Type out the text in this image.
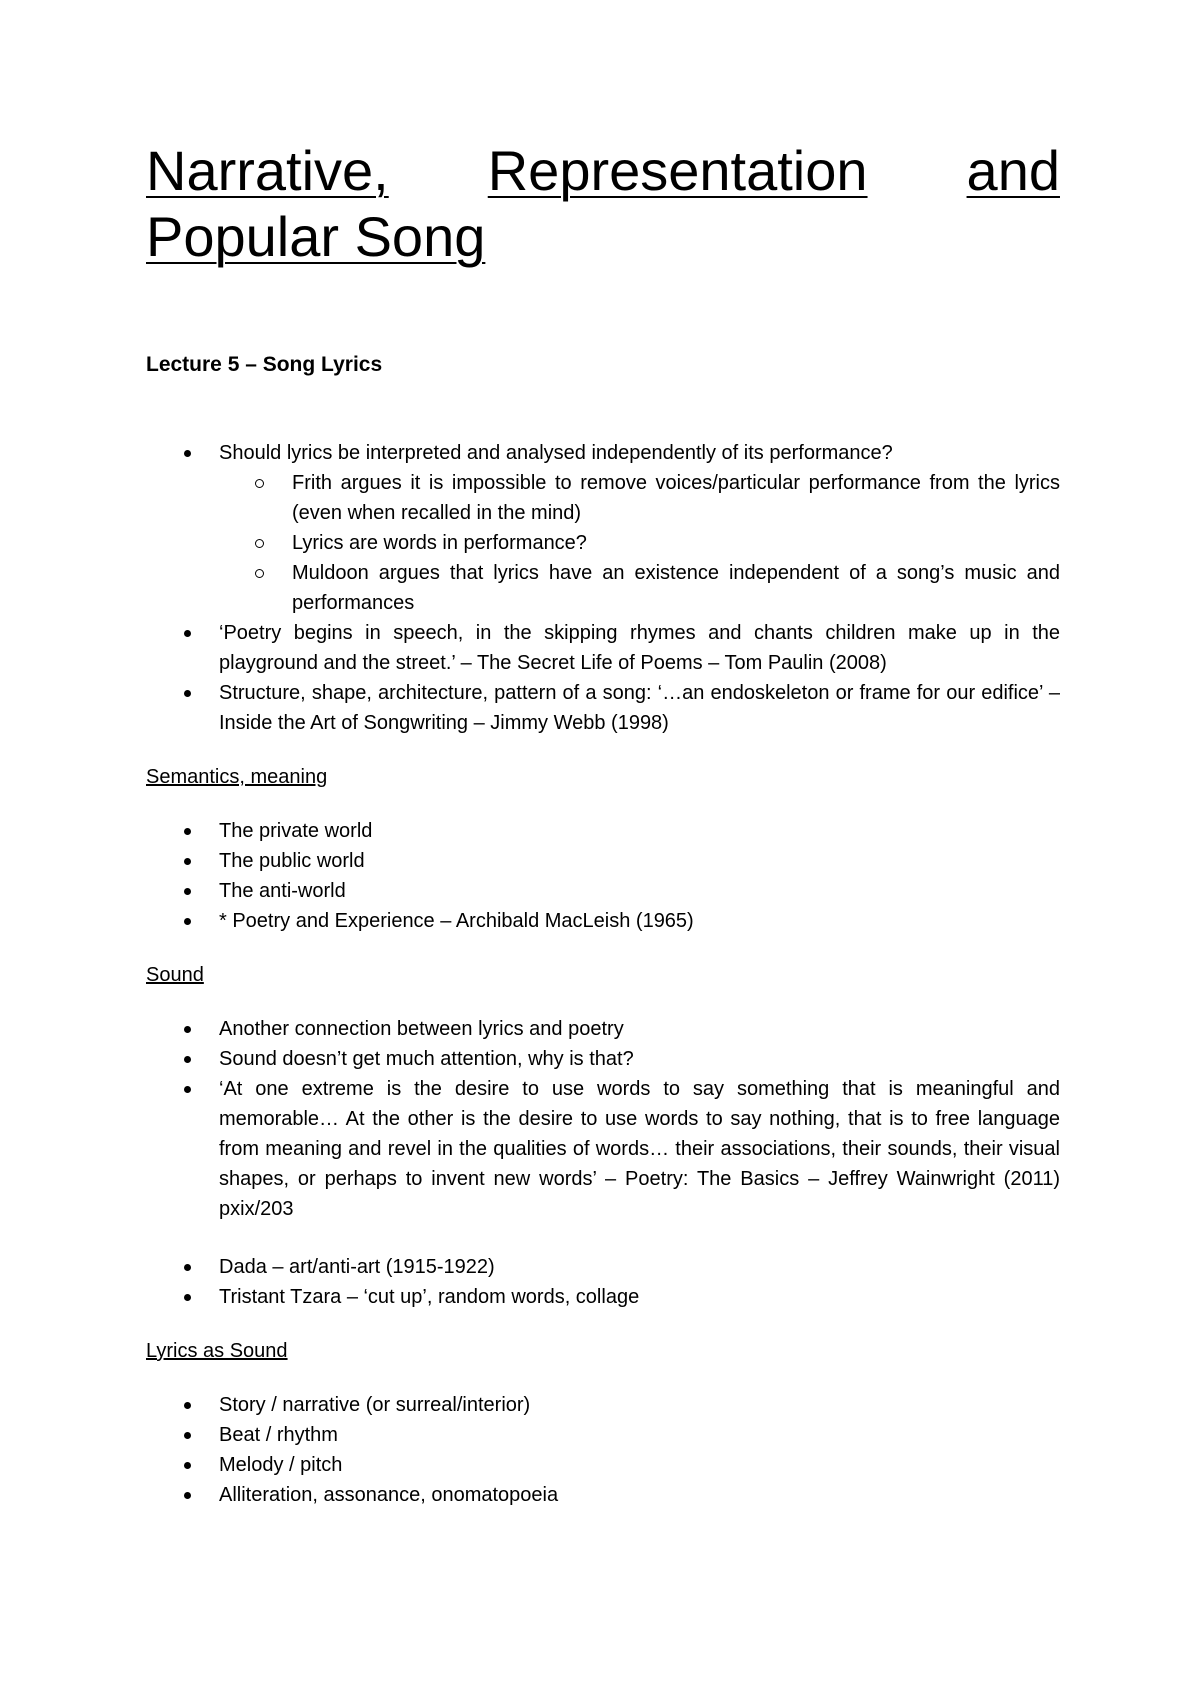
Narrative, Representation and
Popular Song

Lecture 5 – Song Lyrics

Should lyrics be interpreted and analysed independently of its performance?
Frith argues it is impossible to remove voices/particular performance from the lyrics (even when recalled in the mind)
Lyrics are words in performance?
Muldoon argues that lyrics have an existence independent of a song’s music and performances
‘Poetry begins in speech, in the skipping rhymes and chants children make up in the playground and the street.’ – The Secret Life of Poems – Tom Paulin (2008)
Structure, shape, architecture, pattern of a song: ‘…an endoskeleton or frame for our edifice’ – Inside the Art of Songwriting – Jimmy Webb (1998)

Semantics, meaning

The private world
The public world
The anti-world
* Poetry and Experience – Archibald MacLeish (1965)

Sound

Another connection between lyrics and poetry
Sound doesn’t get much attention, why is that?
‘At one extreme is the desire to use words to say something that is meaningful and memorable… At the other is the desire to use words to say nothing, that is to free language from meaning and revel in the qualities of words… their associations, their sounds, their visual shapes, or perhaps to invent new words’ – Poetry: The Basics – Jeffrey Wainwright (2011) pxix/203
Dada – art/anti-art (1915-1922)
Tristant Tzara – ‘cut up’, random words, collage

Lyrics as Sound

Story / narrative (or surreal/interior)
Beat / rhythm
Melody / pitch
Alliteration, assonance, onomatopoeia
